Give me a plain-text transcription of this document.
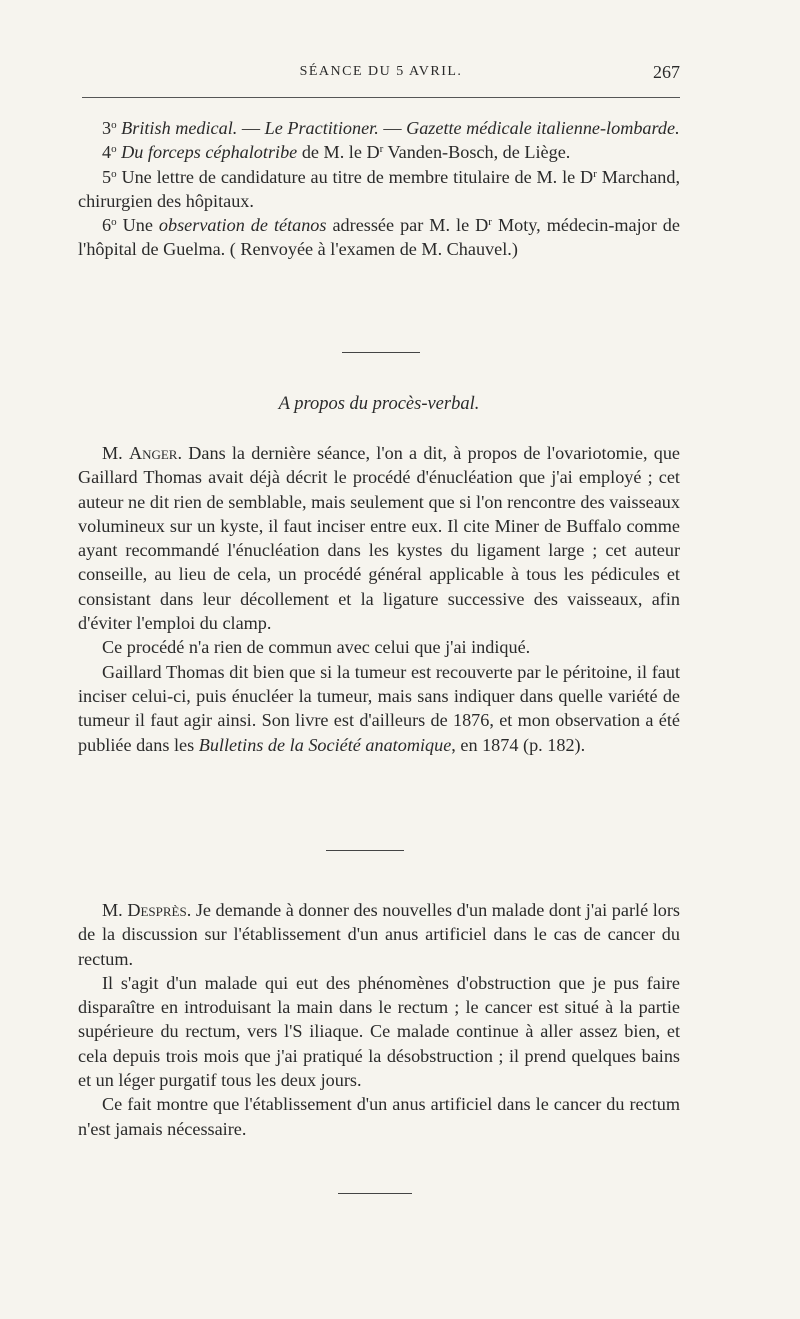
SÉANCE DU 5 AVRIL.	267

3$^o$ British medical. — Le Practitioner. — Gazette médicale italienne-lombarde.

4$^o$ Du forceps céphalotribe de M. le $D^r$ Vanden-Bosch, de Liège.

5$^o$ Une lettre de candidature au titre de membre titulaire de M. le $D^r$ Marchand, chirurgien des hôpitaux.

6$^o$ Une observation de tétanos adressée par M. le $D^r$ Moty, médecin-major de l'hôpital de Guelma. ( Renvoyée à l'examen de M. Chauvel.)

A propos du procès-verbal.

M. Anger. Dans la dernière séance, l'on a dit, à propos de l'ovariotomie, que Gaillard Thomas avait déjà décrit le procédé d'énucléation que j'ai employé ; cet auteur ne dit rien de semblable, mais seulement que si l'on rencontre des vaisseaux volumineux sur un kyste, il faut inciser entre eux. Il cite Miner de Buffalo comme ayant recommandé l'énucléation dans les kystes du ligament large ; cet auteur conseille, au lieu de cela, un procédé général applicable à tous les pédicules et consistant dans leur décollement et la ligature successive des vaisseaux, afin d'éviter l'emploi du clamp.

Ce procédé n'a rien de commun avec celui que j'ai indiqué.

Gaillard Thomas dit bien que si la tumeur est recouverte par le péritoine, il faut inciser celui-ci, puis énucléer la tumeur, mais sans indiquer dans quelle variété de tumeur il faut agir ainsi. Son livre est d'ailleurs de 1876, et mon observation a été publiée dans les Bulletins de la Société anatomique, en 1874 (p. 182).

M. Desprès. Je demande à donner des nouvelles d'un malade dont j'ai parlé lors de la discussion sur l'établissement d'un anus artificiel dans le cas de cancer du rectum.

Il s'agit d'un malade qui eut des phénomènes d'obstruction que je pus faire disparaître en introduisant la main dans le rectum ; le cancer est situé à la partie supérieure du rectum, vers l'S iliaque. Ce malade continue à aller assez bien, et cela depuis trois mois que j'ai pratiqué la désobstruction ; il prend quelques bains et un léger purgatif tous les deux jours.

Ce fait montre que l'établissement d'un anus artificiel dans le cancer du rectum n'est jamais nécessaire.
